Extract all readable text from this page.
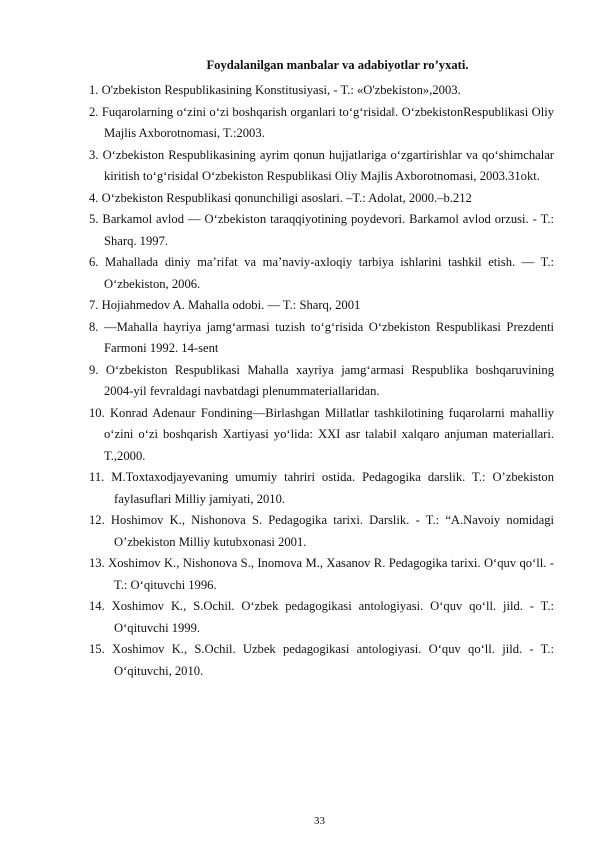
Foydalanilgan manbalar va adabiyotlar ro’yxati.

1. O'zbekiston Respublikasining Konstitusiyasi, - T.: «O'zbekiston»,2003.

2. Fuqarolarning o‘zini o‘zi boshqarish organlari to‘g‘risida‖. O‘zbekistonRespublikasi Oliy Majlis Axborotnomasi, T.:2003.

3. O‘zbekiston Respublikasining ayrim qonun hujjatlariga o‘zgartirishlar va qo‘shimchalar kiritish to‘g‘risida‖ O‘zbekiston Respublikasi Oliy Majlis Axborotnomasi, 2003.31okt.

4. O‘zbekiston Respublikasi qonunchiligi asoslari. –T.: Adolat, 2000.–b.212

5. Barkamol avlod — O‘zbekiston taraqqiyotining poydevori. Barkamol avlod orzusi. - T.: Sharq. 1997.

6. Mahallada diniy ma’rifat va ma’naviy-axloqiy tarbiya ishlarini tashkil etish. — T.: O‘zbekiston, 2006.

7. Hojiahmedov A. Mahalla odobi. — T.: Sharq, 2001

8. ―Mahalla hayriya jamg‘armasi tuzish to‘g‘risida O‘zbekiston Respublikasi Prezdenti Farmoni 1992. 14-sent

9. O‘zbekiston Respublikasi Mahalla xayriya jamg‘armasi Respublika boshqaruvining 2004-yil fevraldagi navbatdagi plenummateriallaridan.

10. Konrad Adenaur Fondining―Birlashgan Millatlar tashkilotining fuqarolarni mahalliy o‘zini o‘zi boshqarish Xartiyasi yo‘lida: XXI asr talabi‖ xalqaro anjuman materiallari. T.,2000.

11. M.Toxtaxodjayevaning umumiy tahriri ostida. Pedagogika darslik. T.: O’zbekiston faylasuflari Milliy jamiyati, 2010.

12. Hoshimov K., Nishonova S. Pedagogika tarixi. Darslik. - T.: “A.Navoiy nomidagi O’zbekiston Milliy kutubxonasi 2001.

13. Xoshimov K., Nishonova S., Inomova M., Xasanov R. Pedagogika tarixi. O‘quv qo‘ll. - T.: O‘qituvchi 1996.

14. Xoshimov K., S.Ochil. O‘zbek pedagogikasi antologiyasi. O‘quv qo‘ll. jild. - T.: O‘qituvchi 1999.

15. Xoshimov K., S.Ochil. Uzbek pedagogikasi antologiyasi. O‘quv qo‘ll. jild. - T.: O‘qituvchi, 2010.

33
